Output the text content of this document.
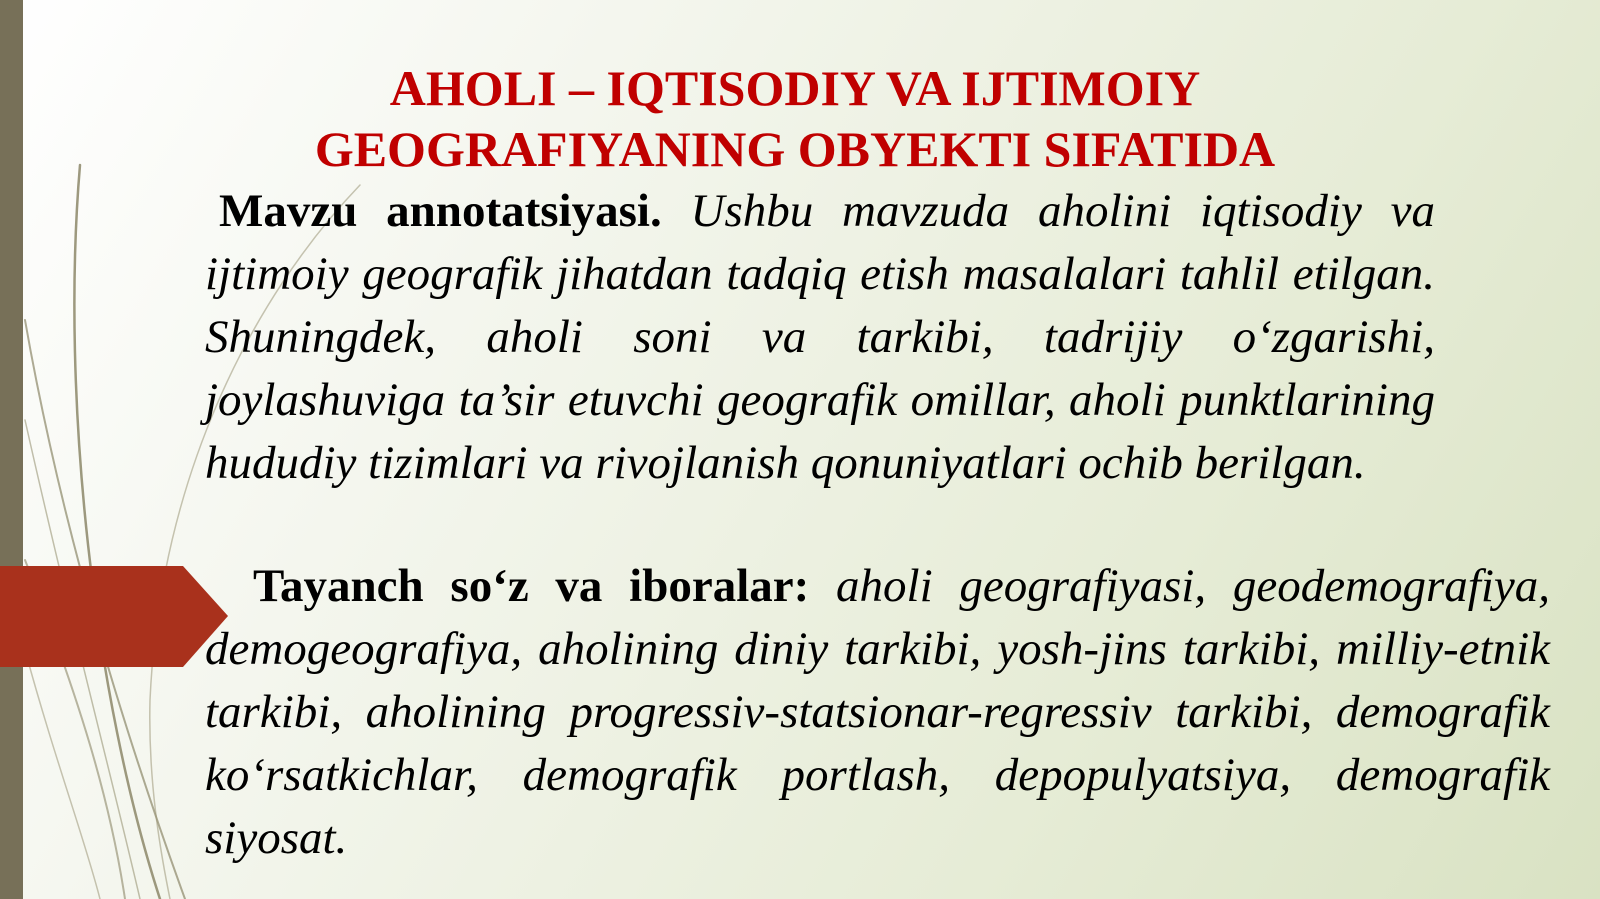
AHOLI – IQTISODIY VA IJTIMOIY
GEOGRAFIYANING OBYEKTI SIFATIDA

Mavzu annotatsiyasi. Ushbu mavzuda aholini iqtisodiy va ijtimoiy geografik jihatdan tadqiq etish masalalari tahlil etilgan. Shuningdek, aholi soni va tarkibi, tadrijiy o‘zgarishi, joylashuviga ta’sir etuvchi geografik omillar, aholi punktlarining hududiy tizimlari va rivojlanish qonuniyatlari ochib berilgan.

Tayanch so‘z va iboralar: aholi geografiyasi, geodemografiya, demogeografiya, aholining diniy tarkibi, yosh-jins tarkibi, milliy-etnik tarkibi, aholining progressiv-statsionar-regressiv tarkibi, demografik ko‘rsatkichlar, demografik portlash, depopulyatsiya, demografik siyosat.
